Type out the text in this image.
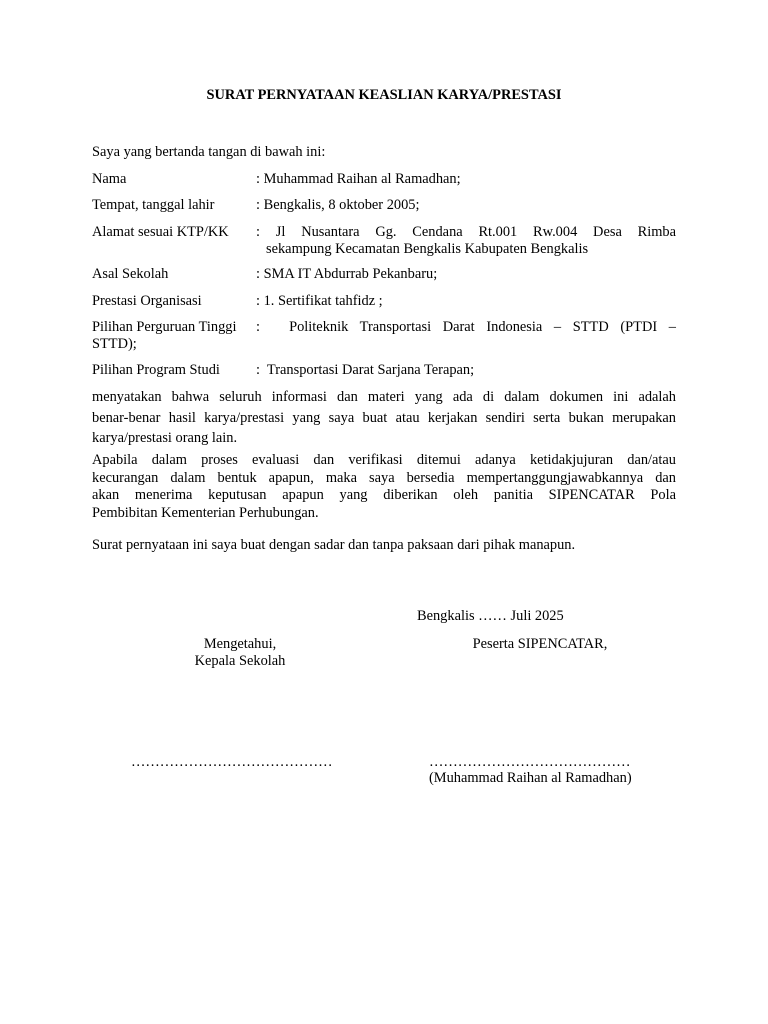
SURAT PERNYATAAN KEASLIAN KARYA/PRESTASI
Saya yang bertanda tangan di bawah ini:
Nama	: Muhammad Raihan al Ramadhan;
Tempat, tanggal lahir	: Bengkalis, 8 oktober 2005;
Alamat sesuai KTP/KK :  Jl  Nusantara  Gg.  Cendana  Rt.001  Rw.004  Desa  Rimba
sekampung Kecamatan Bengkalis Kabupaten Bengkalis
Asal Sekolah	: SMA IT Abdurrab Pekanbaru;
Prestasi Organisasi	: 1. Sertifikat tahfidz ;
Pilihan Perguruan Tinggi :     Politeknik  Transportasi  Darat  Indonesia  –  STTD  (PTDI  –
STTD);
Pilihan Program Studi	:  Transportasi Darat Sarjana Terapan;
menyatakan bahwa seluruh informasi dan materi yang ada di dalam dokumen ini adalah
benar-benar hasil karya/prestasi yang saya buat atau kerjakan sendiri serta bukan merupakan
karya/prestasi orang lain.
Apabila dalam proses evaluasi dan verifikasi ditemui adanya ketidakjujuran dan/atau
kecurangan dalam bentuk apapun, maka saya bersedia mempertanggungjawabkannya dan
akan menerima keputusan apapun yang diberikan oleh panitia SIPENCATAR Pola
Pembibitan Kementerian Perhubungan.
Surat pernyataan ini saya buat dengan sadar dan tanpa paksaan dari pihak manapun.
Bengkalis …… Juli 2025
Mengetahui,
Kepala Sekolah
Peserta SIPENCATAR,
……………………………………	……………………………………
(Muhammad Raihan al Ramadhan)
